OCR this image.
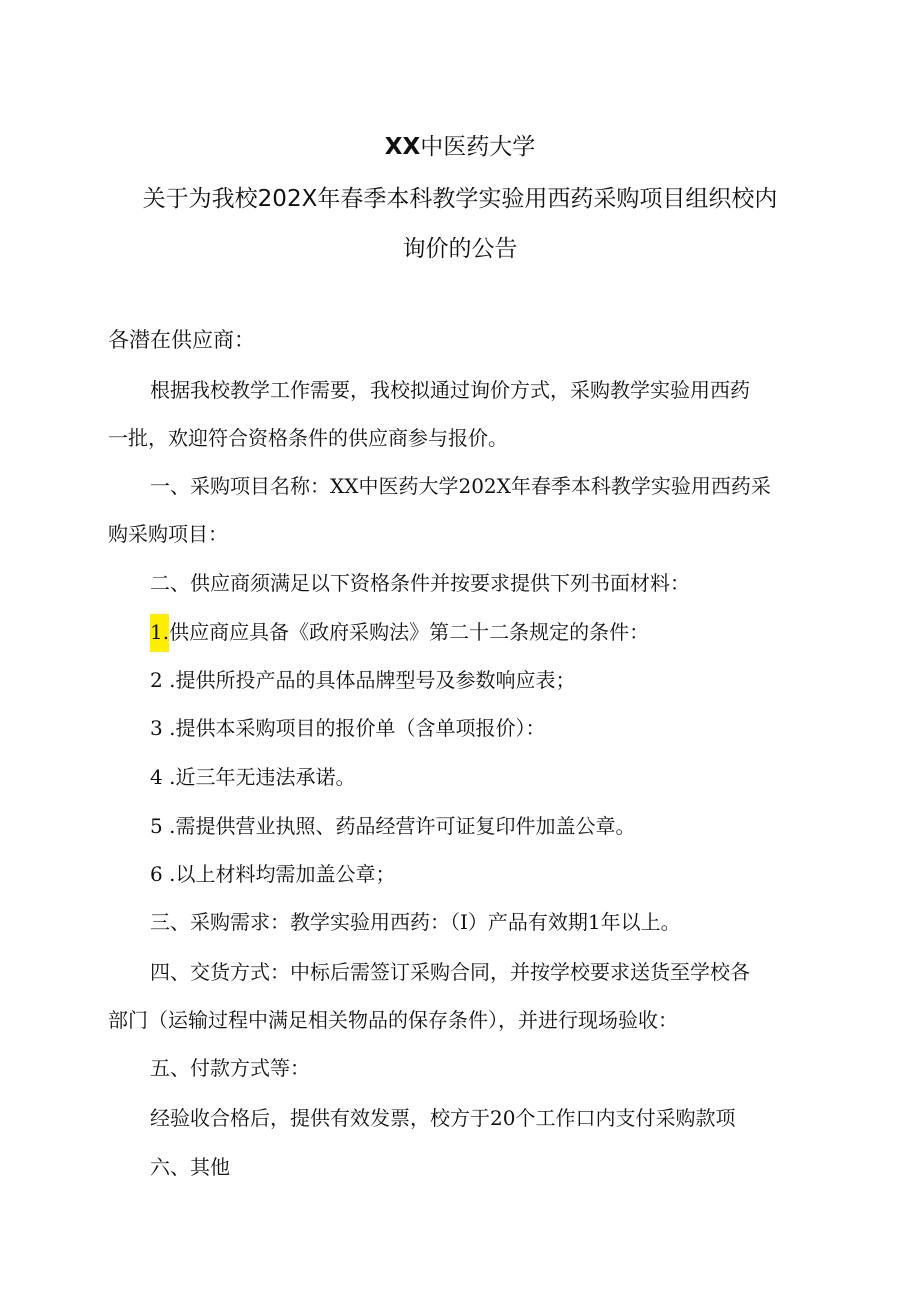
XX中医药大学
关于为我校202X年春季本科教学实验用西药采购项目组织校内
询价的公告
各潜在供应商：
根据我校教学工作需要，我校拟通过询价方式，采购教学实验用西药
一批，欢迎符合资格条件的供应商参与报价。
一、采购项目名称：XX中医药大学202X年春季本科教学实验用西药采
购采购项目：
二、供应商须满足以下资格条件并按要求提供下列书面材料：
1.供应商应具备《政府采购法》第二十二条规定的条件：
2 .提供所投产品的具体品牌型号及参数响应表；
3 .提供本采购项目的报价单（含单项报价）：
4 .近三年无违法承诺。
5 .需提供营业执照、药品经营许可证复印件加盖公章。
6 .以上材料均需加盖公章；
三、采购需求：教学实验用西药：（I）产品有效期1年以上。
四、交货方式：中标后需签订采购合同，并按学校要求送货至学校各
部门（运输过程中满足相关物品的保存条件），并进行现场验收：
五、付款方式等：
经验收合格后，提供有效发票，校方于20个工作口内支付采购款项
六、其他
